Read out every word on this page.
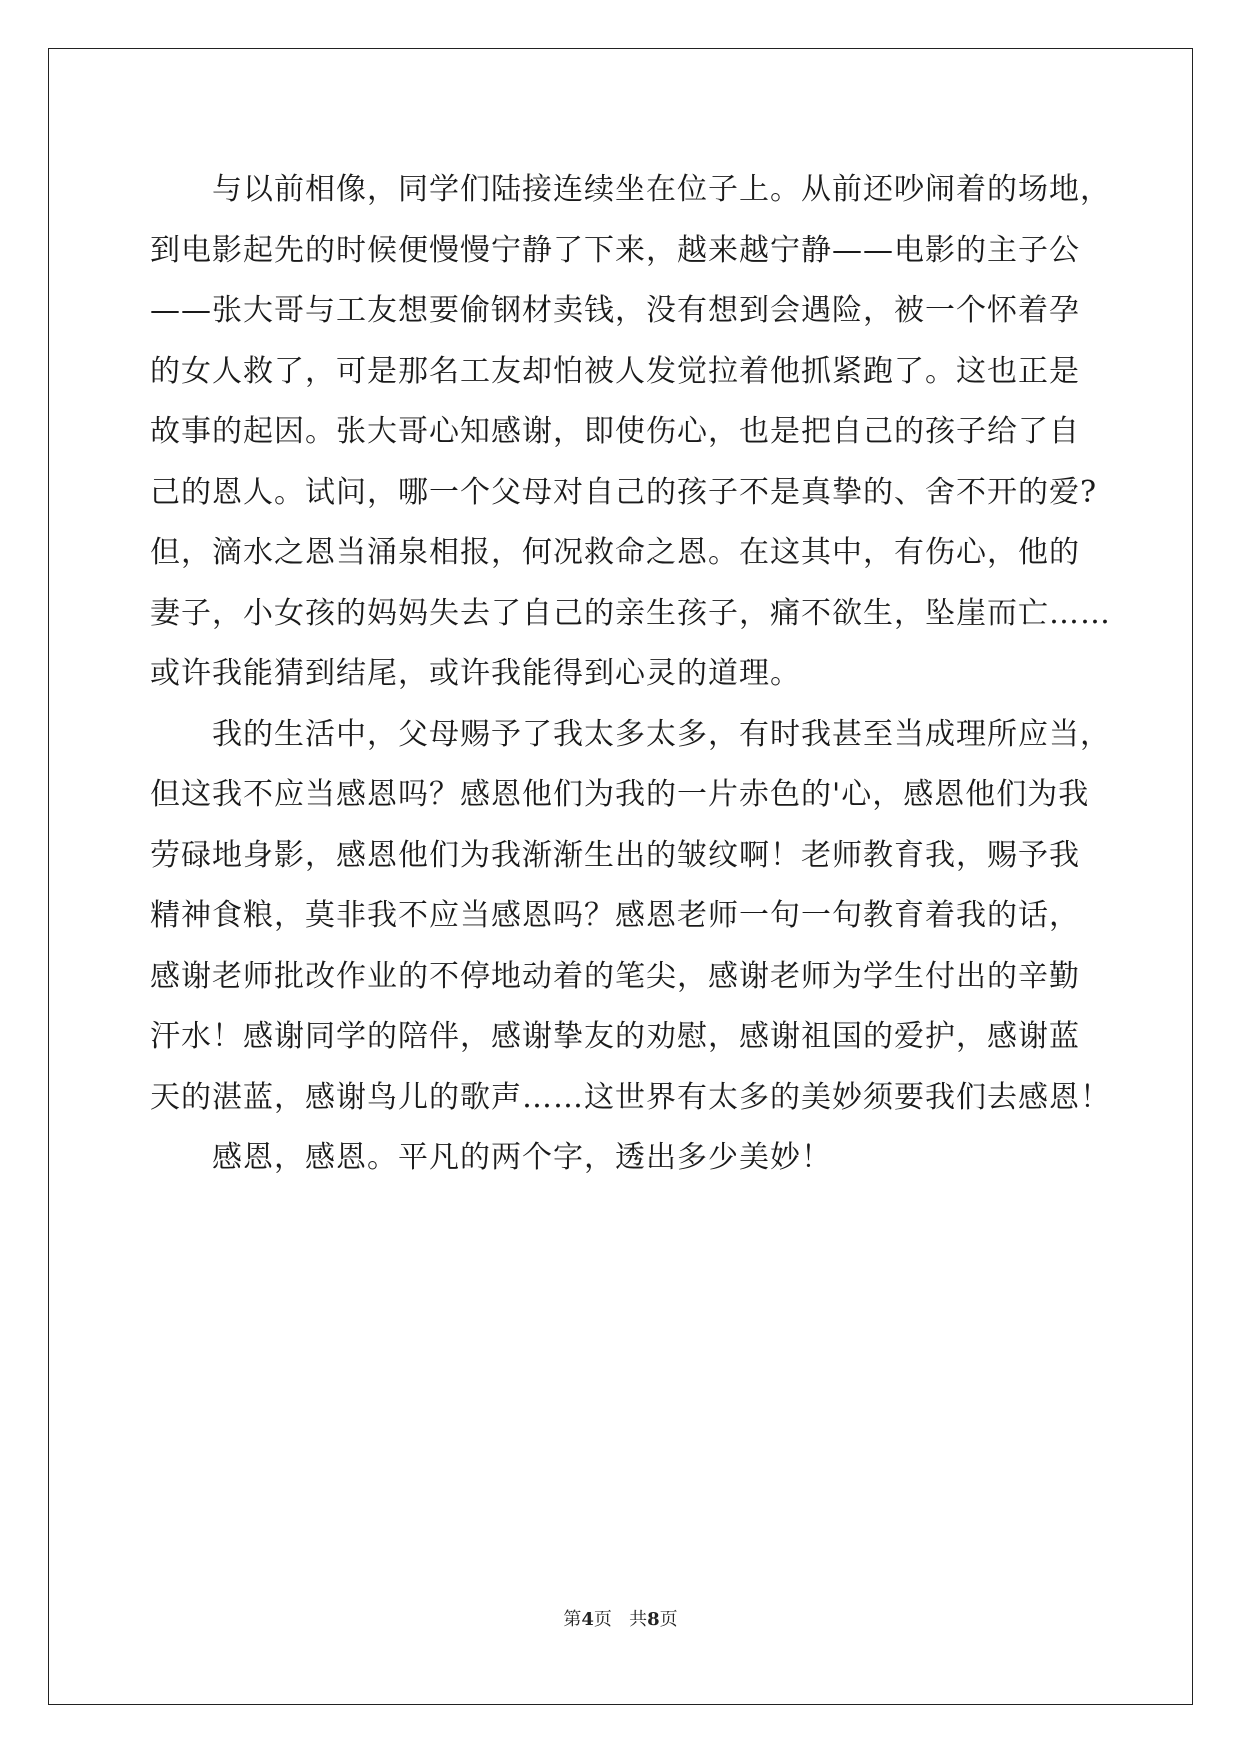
与以前相像，同学们陆接连续坐在位子上。从前还吵闹着的场地，
到电影起先的时候便慢慢宁静了下来，越来越宁静——电影的主子公
——张大哥与工友想要偷钢材卖钱，没有想到会遇险，被一个怀着孕
的女人救了，可是那名工友却怕被人发觉拉着他抓紧跑了。这也正是
故事的起因。张大哥心知感谢，即使伤心，也是把自己的孩子给了自
己的恩人。试问，哪一个父母对自己的孩子不是真挚的、舍不开的爱?
但，滴水之恩当涌泉相报，何况救命之恩。在这其中，有伤心，他的
妻子，小女孩的妈妈失去了自己的亲生孩子，痛不欲生，坠崖而亡……
或许我能猜到结尾，或许我能得到心灵的道理。
我的生活中，父母赐予了我太多太多，有时我甚至当成理所应当，
但这我不应当感恩吗？感恩他们为我的一片赤色的'心，感恩他们为我
劳碌地身影，感恩他们为我渐渐生出的皱纹啊！老师教育我，赐予我
精神食粮，莫非我不应当感恩吗？感恩老师一句一句教育着我的话，
感谢老师批改作业的不停地动着的笔尖，感谢老师为学生付出的辛勤
汗水！感谢同学的陪伴，感谢挚友的劝慰，感谢祖国的爱护，感谢蓝
天的湛蓝，感谢鸟儿的歌声……这世界有太多的美妙须要我们去感恩！
感恩，感恩。平凡的两个字，透出多少美妙！
第4页 共8页
